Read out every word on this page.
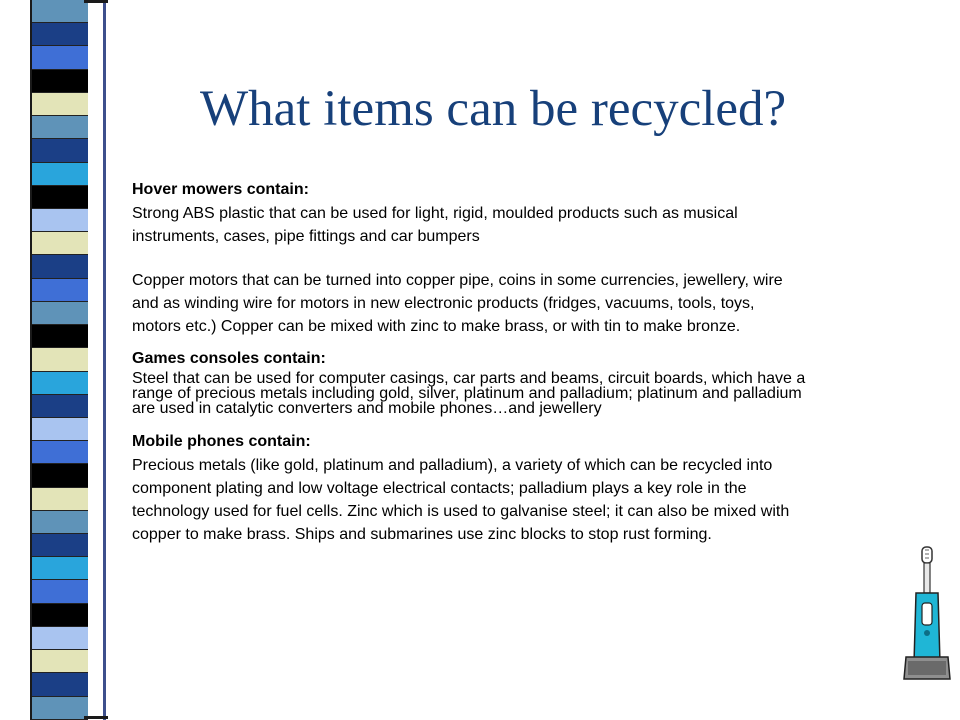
What items can be recycled?
Hover mowers contain:
Strong ABS plastic that can be used for light, rigid, moulded products such as musical
instruments, cases, pipe fittings and car bumpers
Copper motors that can be turned into copper pipe, coins in some currencies, jewellery, wire
and as winding wire for motors in new electronic products (fridges, vacuums, tools, toys,
motors etc.) Copper can be mixed with zinc to make brass, or with tin to make bronze.
Games consoles contain:
Steel that can be used for computer casings, car parts and beams, circuit boards, which have a
range of precious metals including gold, silver, platinum and palladium; platinum and palladium
are used in catalytic converters and mobile phones…and jewellery
Mobile phones contain:
Precious metals (like gold, platinum and palladium), a variety of which can be recycled into
component plating and low voltage electrical contacts; palladium plays a key role in the
technology used for fuel cells. Zinc which is used to galvanise steel; it can also be mixed with
copper to make brass. Ships and submarines use zinc blocks to stop rust forming.
